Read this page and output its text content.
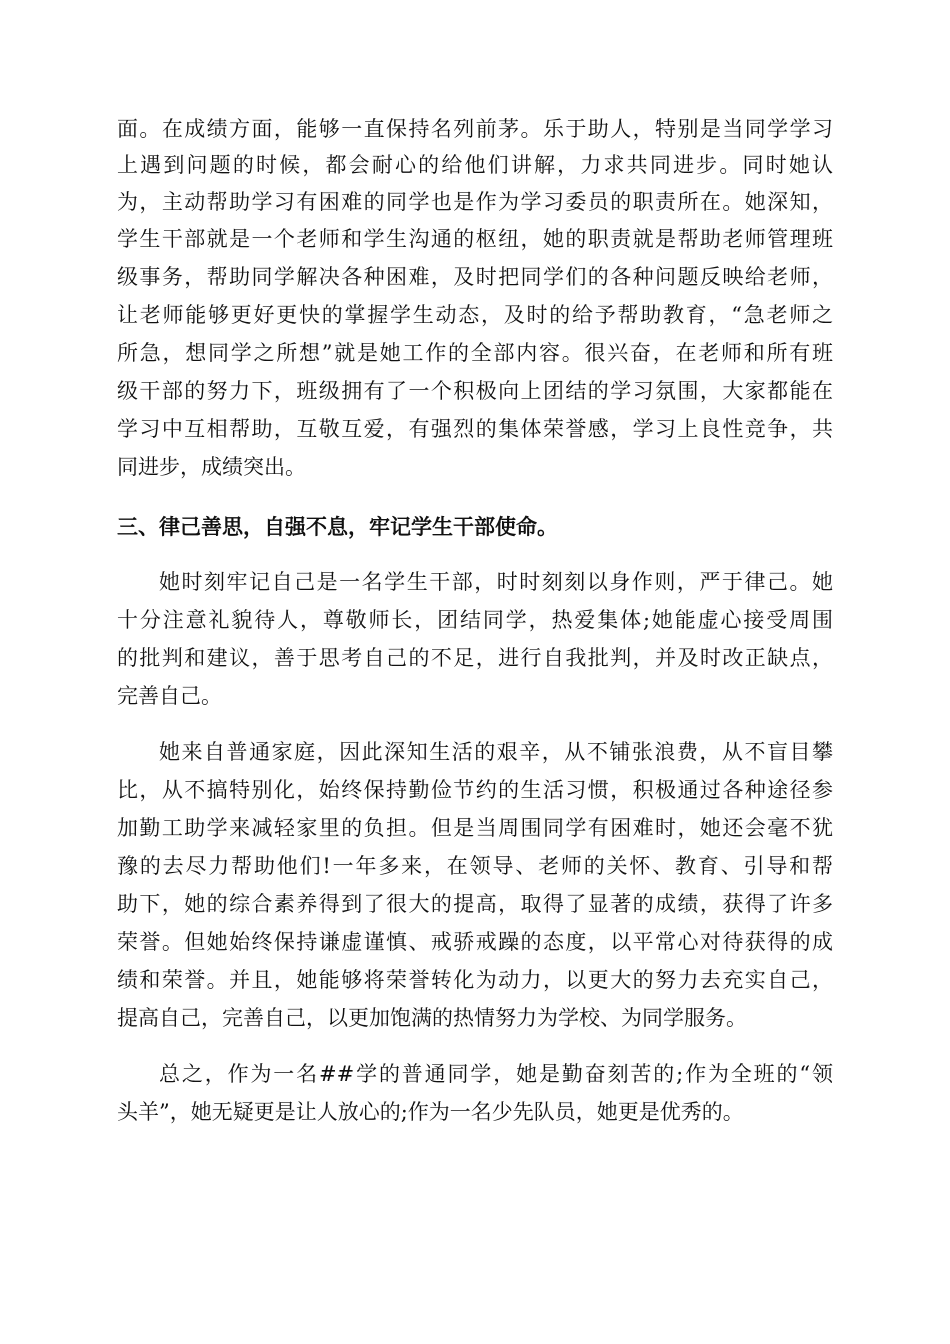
面。在成绩方面，能够一直保持名列前茅。乐于助人，特别是当同学学习
上遇到问题的时候，都会耐心的给他们讲解，力求共同进步。同时她认
为，主动帮助学习有困难的同学也是作为学习委员的职责所在。她深知，
学生干部就是一个老师和学生沟通的枢纽，她的职责就是帮助老师管理班
级事务，帮助同学解决各种困难，及时把同学们的各种问题反映给老师，
让老师能够更好更快的掌握学生动态，及时的给予帮助教育，“急老师之
所急，想同学之所想”就是她工作的全部内容。很兴奋，在老师和所有班
级干部的努力下，班级拥有了一个积极向上团结的学习氛围，大家都能在
学习中互相帮助，互敬互爱，有强烈的集体荣誉感，学习上良性竞争，共
同进步，成绩突出。
三、律己善思，自强不息，牢记学生干部使命。
她时刻牢记自己是一名学生干部，时时刻刻以身作则，严于律己。她
十分注意礼貌待人，尊敬师长，团结同学，热爱集体;她能虚心接受周围
的批判和建议，善于思考自己的不足，进行自我批判，并及时改正缺点，
完善自己。
她来自普通家庭，因此深知生活的艰辛，从不铺张浪费，从不盲目攀
比，从不搞特别化，始终保持勤俭节约的生活习惯，积极通过各种途径参
加勤工助学来减轻家里的负担。但是当周围同学有困难时，她还会毫不犹
豫的去尽力帮助他们!一年多来，在领导、老师的关怀、教育、引导和帮
助下，她的综合素养得到了很大的提高，取得了显著的成绩，获得了许多
荣誉。但她始终保持谦虚谨慎、戒骄戒躁的态度，以平常心对待获得的成
绩和荣誉。并且，她能够将荣誉转化为动力，以更大的努力去充实自己，
提高自己，完善自己，以更加饱满的热情努力为学校、为同学服务。
总之，作为一名##学的普通同学，她是勤奋刻苦的;作为全班的“领
头羊”，她无疑更是让人放心的;作为一名少先队员，她更是优秀的。
